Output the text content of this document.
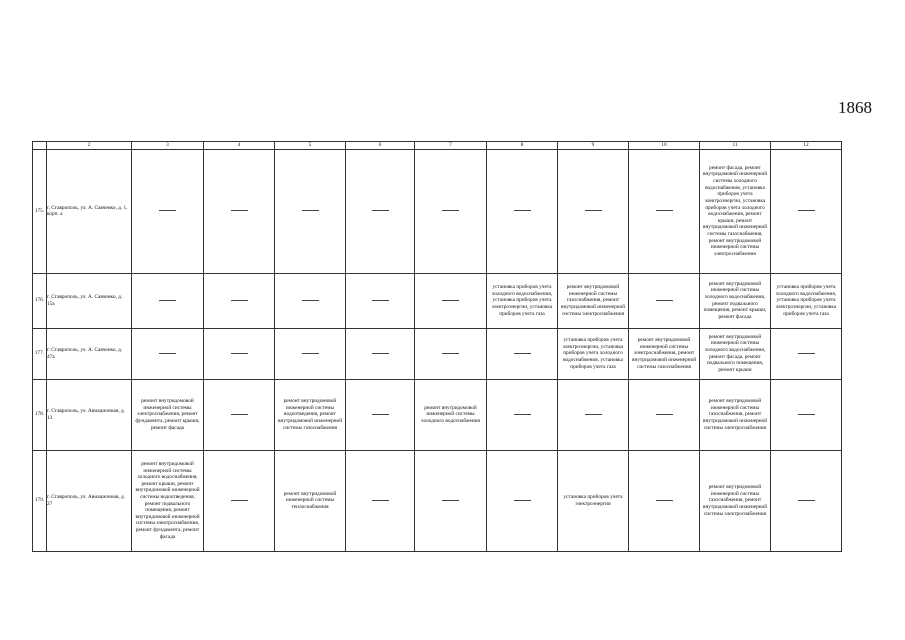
1868
	2	3	4	5	6	7	8	9	10	11	12
175.	г. Ставрополь, ул. А. Савченко, д. 1, корп. а									ремонт фасада, ремонт внутридомовой инженерной системы холодного водоснабжения, установка приборов учета электроэнергии, установка приборов учета холодного водоснабжения, ремонт крыши, ремонт внутридомовой инженерной системы газоснабжения, ремонт внутридомовой инженерной системы электроснабжения	
176.	г. Ставрополь, ул. А. Савченко, д. 15а						установка приборов учета холодного водоснабжения, установка приборов учета электроэнергии, установка приборов учета газа	ремонт внутридомовой инженерной системы газоснабжения, ремонт внутридомовой инженерной системы электроснабжения		ремонт внутридомовой инженерной системы холодного водоснабжения, ремонт подвального помещения, ремонт крыши, ремонт фасада	установка приборов учета холодного водоснабжения, установка приборов учета электроэнергии, установка приборов учета газа
177.	г. Ставрополь, ул. А. Савченко, д. 47а							установка приборов учета электроэнергии, установка приборов учета холодного водоснабжения, установка приборов учета газа	ремонт внутридомовой инженерной системы электроснабжения, ремонт внутридомовой инженерной системы газоснабжения	ремонт внутридомовой инженерной системы холодного водоснабжения, ремонт фасада, ремонт подвального помещения, ремонт крыши	
178.	г. Ставрополь, ул. Авиационная, д. 13	ремонт внутридомовой инженерной системы электроснабжения, ремонт фундамента, ремонт крыши, ремонт фасада		ремонт внутридомовой инженерной системы водоотведения, ремонт внутридомовой инженерной системы газоснабжения		ремонт внутридомовой инженерной системы холодного водоснабжения				ремонт внутридомовой инженерной системы газоснабжения, ремонт внутридомовой инженерной системы электроснабжения	
179.	г. Ставрополь, ул. Авиационная, д. 27	ремонт внутридомовой инженерной системы холодного водоснабжения, ремонт крыши, ремонт внутридомовой инженерной системы водоотведения, ремонт подвального помещения, ремонт внутридомовой инженерной системы электроснабжения, ремонт фундамента, ремонт фасада		ремонт внутридомовой инженерной системы теплоснабжения				установка приборов учета электроэнергии		ремонт внутридомовой инженерной системы газоснабжения, ремонт внутридомовой инженерной системы электроснабжения	
